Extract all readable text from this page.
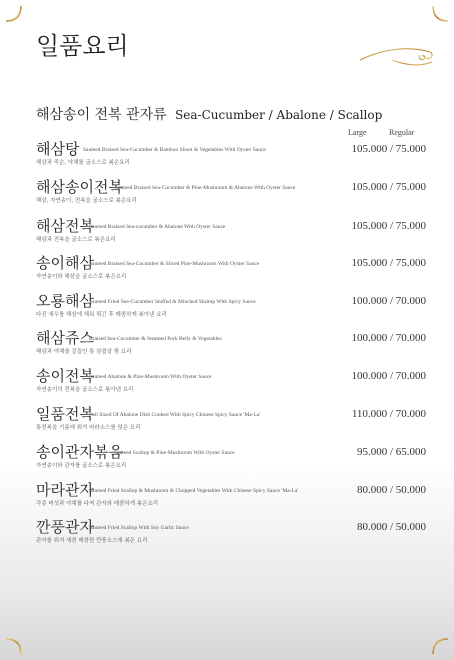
일품요리
해삼송이 전복 관자류 Sea-Cucumber / Abalone / Scallop
Large	Regular
해삼탕 Sauteed Braised Sea-Cucumber & Bamboo Shoot & Vegetables With Oyster Sauce
해삼과 죽순, 야채를 굴소스로 볶은요리
105.000 / 75.000
해삼송이전복
Sauteed Braised Sea-Cucumber & Pine-Mushroom & Abalone With Oyster Sauce
해삼, 자연송이, 전복을 굴소스로 볶은요리
105.000 / 75.000
해삼전복
Sauteed Braised Sea-cucumber & Abalone With Oyster Sauce
해삼과 전복을 굴소스로 볶은요리
105.000 / 75.000
송이해삼
Sauteed Braised Sea-Cucumber & Sliced Pine-Mushroom With Oyster Sauce
자연송이와 해삼을 굴소스로 볶은요리
105.000 / 75.000
오룡해삼
Sauteed Fried Sea-Cucumber Stuffed & Minched Shrimp With Spicy Sauce
다진 새우를 해삼에 채워 튀긴 후 매콤하게 볶아낸 요리
100.000 / 70.000
해삼쥬스
Braised Sea-Cucumber & Steamed Pork Belly & Vegetables
해삼과 야채를 겉들인 통 삼겹살 찜 요리
100.000 / 70.000
송이전복
Sauteed Abalone & Pine-Mushroom With Oyster Sauce
자연송이의 전복을 굴소스로 볶아낸 요리
100.000 / 70.000
일품전복
Full Sized Of Abalone Dish Cooked With Spicy Chinese Spicy Sauce 'Ma-La'
통전복을 기름에 튀겨 마라소스를 얹은 요리
110.000 / 70.000
송이관자볶음
Sauteed Scallop & Pine-Mushroom With Oyster Sauce
자연송이와 관자를 굴소스로 볶은요리
95.000 / 65.000
마라관자
Sauteed Fried Scallop & Mushroom & Chopped Vegetables With Chinese Spicy Sauce 'Ma-La'
각종 버섯과 야채를 다져 관자와 매콤하게 볶은요리
80.000 / 50.000
깐풍관자
Sauteed Fried Scallop With Soy Garlic Sauce
관자를 튀겨 새콤 매콤한 깐풍소스에 볶은 요리
80.000 / 50.000
